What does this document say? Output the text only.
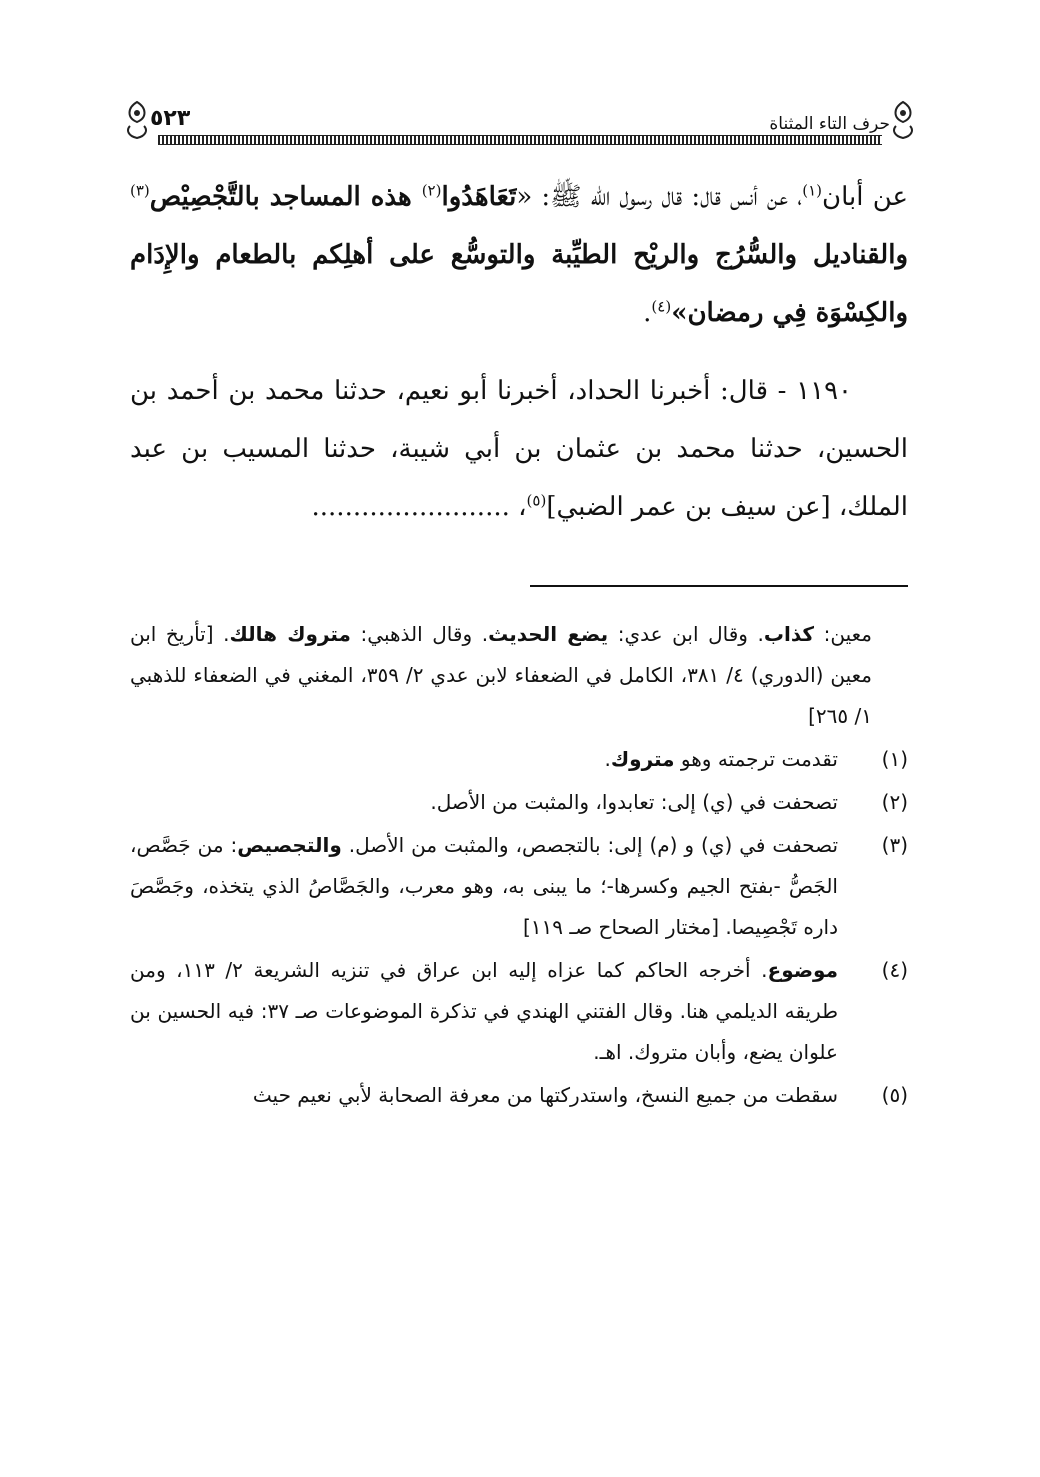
حرف التاء المثناة
٥٢٣

عن أبان$^{(١)}$، عن أنس قال: قال رسول الله ﷺ: «تَعَاهَدُوا$^{(٢)}$ هذه المساجد بالتَّجْصِيْص$^{(٣)}$ والقناديل والسُّرُج والريْح الطيِّبة والتوسُّع على أهلِكم بالطعام والإِدَام والكِسْوَة فِي رمضان»$^{(٤)}$.

١١٩٠ - قال: أخبرنا الحداد، أخبرنا أبو نعيم، حدثنا محمد بن أحمد بن الحسين، حدثنا محمد بن عثمان بن أبي شيبة، حدثنا المسيب بن عبد الملك، [عن سيف بن عمر الضبي]$^{(٥)}$، ........................

معين: كذاب. وقال ابن عدي: يضع الحديث. وقال الذهبي: متروك هالك. [تأريخ ابن معين (الدوري) ٤/ ٣٨١، الكامل في الضعفاء لابن عدي ٢/ ٣٥٩، المغني في الضعفاء للذهبي ١/ ٢٦٥]

(١)
تقدمت ترجمته وهو متروك.
(٢)
تصحفت في (ي) إلى: تعابدوا، والمثبت من الأصل.
(٣)
تصحفت في (ي) و (م) إلى: بالتجصص، والمثبت من الأصل. والتجصيص: من جَصَّص، الجَصُّ -بفتح الجيم وكسرها-؛ ما يبنى به، وهو معرب، والجَصَّاصُ الذي يتخذه، وجَصَّصَ داره تَجْصِيصا. [مختار الصحاح صـ ١١٩]
(٤)
موضوع. أخرجه الحاكم كما عزاه إليه ابن عراق في تنزيه الشريعة ٢/ ١١٣، ومن طريقه الديلمي هنا. وقال الفتني الهندي في تذكرة الموضوعات صـ ٣٧: فيه الحسين بن علوان يضع، وأبان متروك. اهـ.
(٥)
سقطت من جميع النسخ، واستدركتها من معرفة الصحابة لأبي نعيم حيث
